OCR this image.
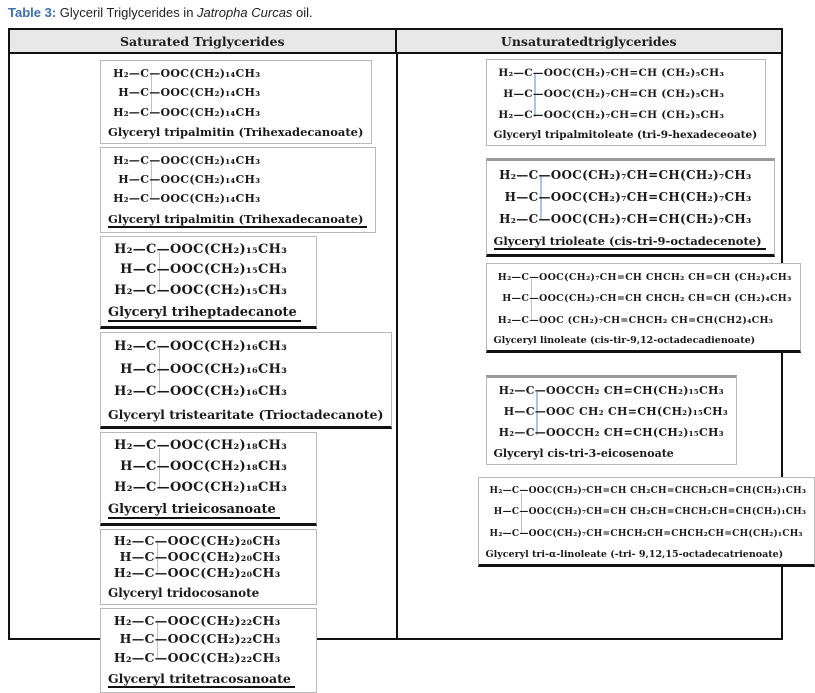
Table 3: Glyceril Triglycerides in Jatropha Curcas oil.
Saturated Triglycerides	Unsaturatedtriglycerides
H₂—C—OOC(CH₂)₁₄CH₃
H—C—OOC(CH₂)₁₄CH₃
H₂—C—OOC(CH₂)₁₄CH₃
Glyceryl tripalmitin (Trihexadecanoate)
H₂—C—OOC(CH₂)₁₄CH₃
H—C—OOC(CH₂)₁₄CH₃
H₂—C—OOC(CH₂)₁₄CH₃
Glyceryl tripalmitin (Trihexadecanoate)
H₂—C—OOC(CH₂)₁₅CH₃
H—C—OOC(CH₂)₁₅CH₃
H₂—C—OOC(CH₂)₁₅CH₃
Glyceryl triheptadecanote
H₂—C—OOC(CH₂)₁₆CH₃
H—C—OOC(CH₂)₁₆CH₃
H₂—C—OOC(CH₂)₁₆CH₃
Glyceryl tristearitate (Trioctadecanote)
H₂—C—OOC(CH₂)₁₈CH₃
H—C—OOC(CH₂)₁₈CH₃
H₂—C—OOC(CH₂)₁₈CH₃
Glyceryl trieicosanoate
H₂—C—OOC(CH₂)₂₀CH₃
H—C—OOC(CH₂)₂₀CH₃
H₂—C—OOC(CH₂)₂₀CH₃
Glyceryl tridocosanote
H₂—C—OOC(CH₂)₂₂CH₃
H—C—OOC(CH₂)₂₂CH₃
H₂—C—OOC(CH₂)₂₂CH₃
Glyceryl tritetracosanoate
H₂—C—OOC(CH₂)₇CH=CH (CH₂)₅CH₃
H—C—OOC(CH₂)₇CH=CH (CH₂)₅CH₃
H₂—C—OOC(CH₂)₇CH=CH (CH₂)₅CH₃
Glyceryl tripalmitoleate (tri-9-hexadeceoate)
H₂—C—OOC(CH₂)₇CH=CH(CH₂)₇CH₃
H—C—OOC(CH₂)₇CH=CH(CH₂)₇CH₃
H₂—C—OOC(CH₂)₇CH=CH(CH₂)₇CH₃
Glyceryl trioleate (cis-tri-9-octadecenote)
H₂—C—OOC(CH₂)₇CH=CH CHCH₂ CH=CH (CH₂)₄CH₃
H—C—OOC(CH₂)₇CH=CH CHCH₂ CH=CH (CH₂)₄CH₃
H₂—C—OOC (CH₂)₇CH=CHCH₂ CH=CH(CH2)₄CH₃
Glyceryl linoleate (cis-tir-9,12-octadecadienoate)
H₂—C—OOCCH₂ CH=CH(CH₂)₁₅CH₃
H—C—OOC CH₂ CH=CH(CH₂)₁₅CH₃
H₂—C—OOCCH₂ CH=CH(CH₂)₁₅CH₃
Glyceryl cis-tri-3-eicosenoate
H₂—C—OOC(CH₂)₇CH=CH CH₂CH=CHCH₂CH=CH(CH₂)₁CH₃
H—C—OOC(CH₂)₇CH=CH CH₂CH=CHCH₂CH=CH(CH₂)₁CH₃
H₂—C—OOC(CH₂)₇CH=CHCH₂CH=CHCH₂CH=CH(CH₂)₁CH₃
Glyceryl tri-α-linoleate (-tri- 9,12,15-octadecatrienoate)
